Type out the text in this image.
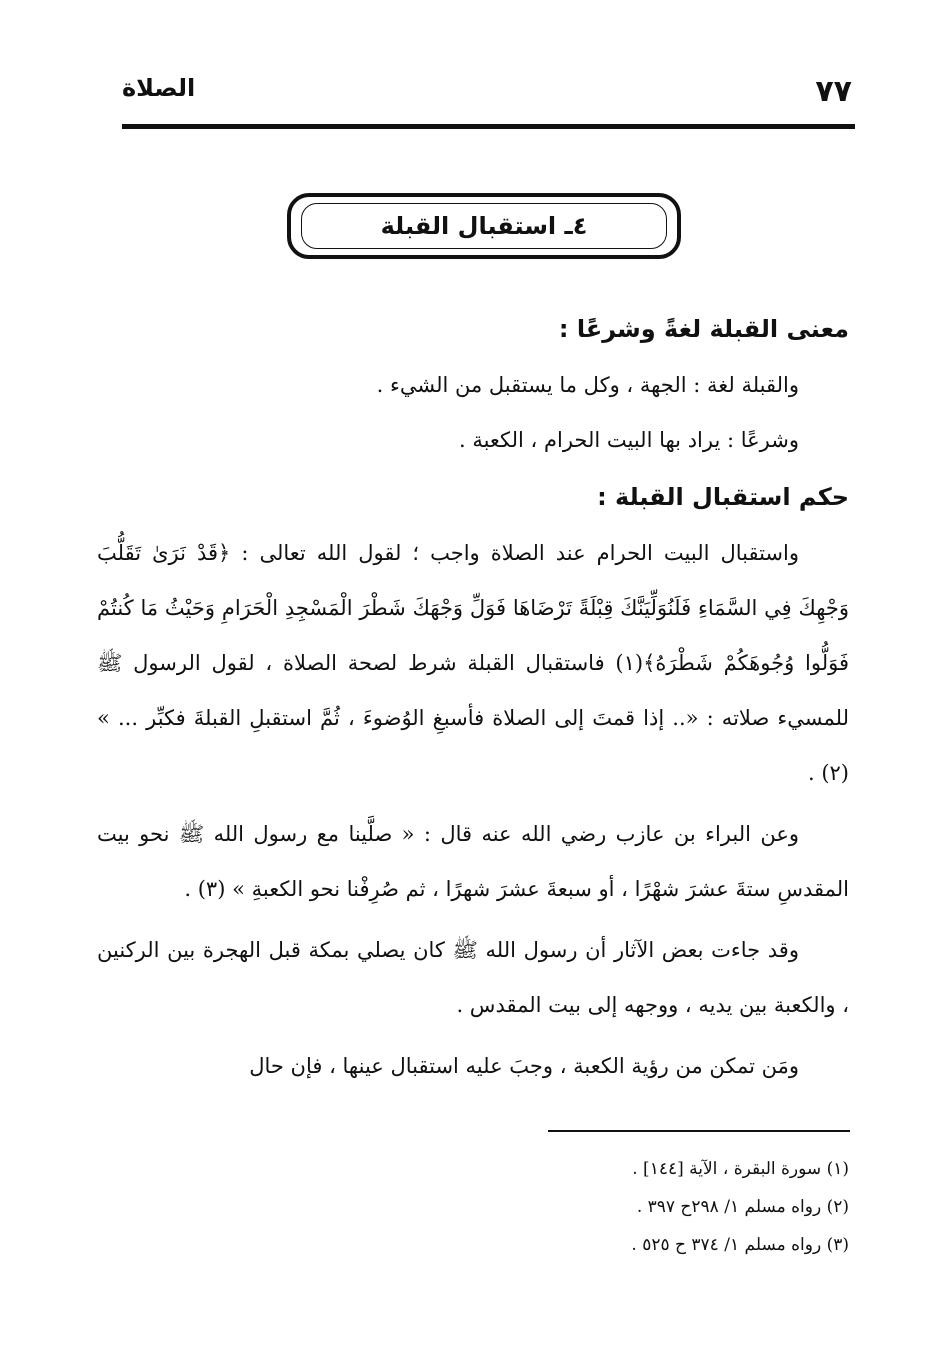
٧٧
الصلاة
٤ـ استقبال القبلة

معنى القبلة لغةً وشرعًا :

والقبلة لغة : الجهة ، وكل ما يستقبل من الشيء .

وشرعًا : يراد بها البيت الحرام ، الكعبة .

حكم استقبال القبلة :

واستقبال البيت الحرام عند الصلاة واجب ؛ لقول الله تعالى : ﴿قَدْ نَرَىٰ تَقَلُّبَ وَجْهِكَ فِي السَّمَاءِ فَلَنُوَلِّيَنَّكَ قِبْلَةً تَرْضَاهَا فَوَلِّ وَجْهَكَ شَطْرَ الْمَسْجِدِ الْحَرَامِ وَحَيْثُ مَا كُنتُمْ فَوَلُّوا وُجُوهَكُمْ شَطْرَهُ﴾(١) فاستقبال القبلة شرط لصحة الصلاة ، لقول الرسول ﷺ للمسيء صلاته : «.. إذا قمتَ إلى الصلاة فأسبغِ الوُضوءَ ، ثُمَّ استقبلِ القبلةَ فكبِّر ... » (٢) .

وعن البراء بن عازب رضي الله عنه قال : « صلَّينا مع رسول الله ﷺ نحو بيت المقدسِ ستةَ عشرَ شهْرًا ، أو سبعةَ عشرَ شهرًا ، ثم صُرِفْنا نحو الكعبةِ » (٣) .

وقد جاءت بعض الآثار أن رسول الله ﷺ كان يصلي بمكة قبل الهجرة بين الركنين ، والكعبة بين يديه ، ووجهه إلى بيت المقدس .

ومَن تمكن من رؤية الكعبة ، وجبَ عليه استقبال عينها ، فإن حال

(١) سورة البقرة ، الآية [١٤٤] .
(٢) رواه مسلم ١/ ٢٩٨ح ٣٩٧ .
(٣) رواه مسلم ١/ ٣٧٤ ح ٥٢٥ .
